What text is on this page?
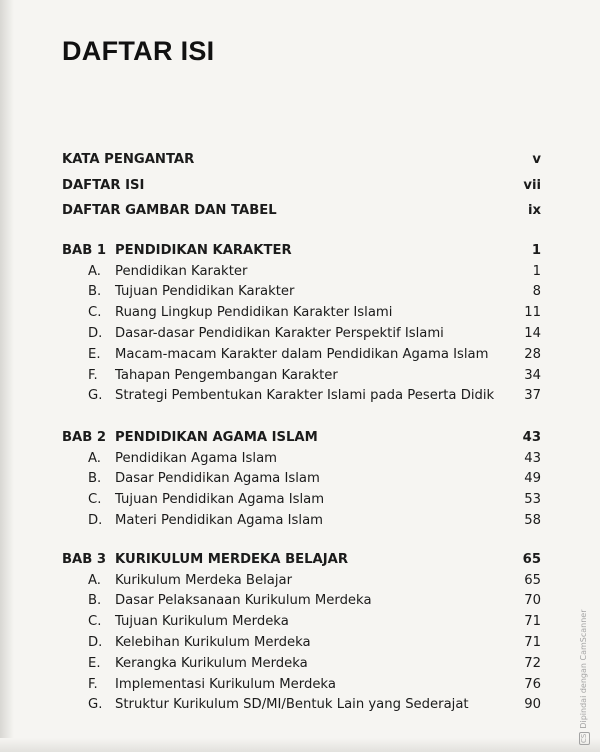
DAFTAR ISI
KATA PENGANTAR	v
DAFTAR ISI	vii
DAFTAR GAMBAR DAN TABEL	ix
BAB 1 PENDIDIKAN KARAKTER	1
A. Pendidikan Karakter	1
B. Tujuan Pendidikan Karakter	8
C. Ruang Lingkup Pendidikan Karakter Islami	11
D. Dasar-dasar Pendidikan Karakter Perspektif Islami	14
E. Macam-macam Karakter dalam Pendidikan Agama Islam	28
F. Tahapan Pengembangan Karakter	34
G. Strategi Pembentukan Karakter Islami pada Peserta Didik 37
BAB 2 PENDIDIKAN AGAMA ISLAM	43
A. Pendidikan Agama Islam	43
B. Dasar Pendidikan Agama Islam	49
C. Tujuan Pendidikan Agama Islam	53
D. Materi Pendidikan Agama Islam	58
BAB 3 KURIKULUM MERDEKA BELAJAR	65
A. Kurikulum Merdeka Belajar	65
B. Dasar Pelaksanaan Kurikulum Merdeka	70
C. Tujuan Kurikulum Merdeka	71
D. Kelebihan Kurikulum Merdeka	71
E. Kerangka Kurikulum Merdeka	72
F. Implementasi Kurikulum Merdeka	76
G. Struktur Kurikulum SD/MI/Bentuk Lain yang Sederajat	90
CSDipindai dengan CamScanner
